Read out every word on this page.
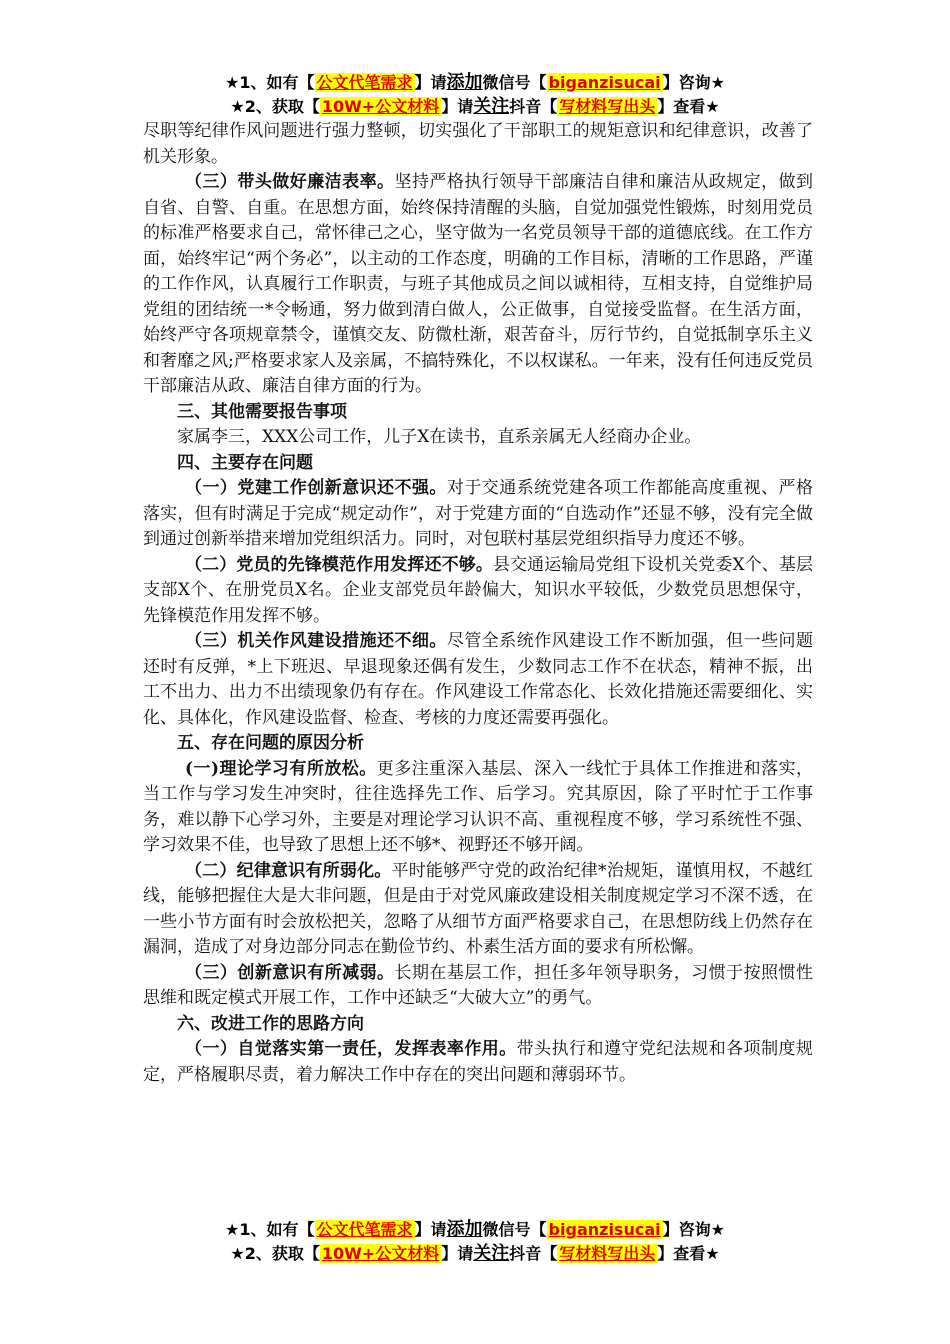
★1、如有【 公文代笔需求 】请添加微信号【 biganzisucai 】咨询★
★2、获取【 10W+公文材料 】请关注抖音【 写材料写出头 】查看★

尽职等纪律作风问题进行强力整顿，切实强化了干部职工的规矩意识和纪律意识，改善了机关形象。

（三）带头做好廉洁表率。坚持严格执行领导干部廉洁自律和廉洁从政规定，做到自省、自警、自重。在思想方面，始终保持清醒的头脑，自觉加强党性锻炼，时刻用党员的标准严格要求自己，常怀律己之心，坚守做为一名党员领导干部的道德底线。在工作方面，始终牢记“两个务必”，以主动的工作态度，明确的工作目标，清晰的工作思路，严谨的工作作风，认真履行工作职责，与班子其他成员之间以诚相待，互相支持，自觉维护局党组的团结统一*令畅通，努力做到清白做人，公正做事，自觉接受监督。在生活方面，始终严守各项规章禁令，谨慎交友、防微杜渐，艰苦奋斗，厉行节约，自觉抵制享乐主义和奢靡之风;严格要求家人及亲属，不搞特殊化，不以权谋私。一年来，没有任何违反党员干部廉洁从政、廉洁自律方面的行为。

三、其他需要报告事项

家属李三，XXX公司工作，儿子X在读书，直系亲属无人经商办企业。

四、主要存在问题

（一）党建工作创新意识还不强。对于交通系统党建各项工作都能高度重视、严格落实，但有时满足于完成“规定动作”，对于党建方面的“自选动作”还显不够，没有完全做到通过创新举措来增加党组织活力。同时，对包联村基层党组织指导力度还不够。

（二）党员的先锋模范作用发挥还不够。县交通运输局党组下设机关党委X个、基层支部X个、在册党员X名。企业支部党员年龄偏大，知识水平较低，少数党员思想保守，先锋模范作用发挥不够。

（三）机关作风建设措施还不细。尽管全系统作风建设工作不断加强，但一些问题还时有反弹，*上下班迟、早退现象还偶有发生，少数同志工作不在状态，精神不振，出工不出力、出力不出绩现象仍有存在。作风建设工作常态化、长效化措施还需要细化、实化、具体化，作风建设监督、检查、考核的力度还需要再强化。

五、存在问题的原因分析

(一)理论学习有所放松。更多注重深入基层、深入一线忙于具体工作推进和落实，当工作与学习发生冲突时，往往选择先工作、后学习。究其原因，除了平时忙于工作事务，难以静下心学习外，主要是对理论学习认识不高、重视程度不够，学习系统性不强、学习效果不佳，也导致了思想上还不够*、视野还不够开阔。

（二）纪律意识有所弱化。平时能够严守党的政治纪律*治规矩，谨慎用权，不越红线，能够把握住大是大非问题，但是由于对党风廉政建设相关制度规定学习不深不透，在一些小节方面有时会放松把关，忽略了从细节方面严格要求自己，在思想防线上仍然存在漏洞，造成了对身边部分同志在勤俭节约、朴素生活方面的要求有所松懈。

（三）创新意识有所减弱。长期在基层工作，担任多年领导职务，习惯于按照惯性思维和既定模式开展工作，工作中还缺乏“大破大立”的勇气。

六、改进工作的思路方向

（一）自觉落实第一责任，发挥表率作用。带头执行和遵守党纪法规和各项制度规定，严格履职尽责，着力解决工作中存在的突出问题和薄弱环节。

★1、如有【 公文代笔需求 】请添加微信号【 biganzisucai 】咨询★
★2、获取【 10W+公文材料 】请关注抖音【 写材料写出头 】查看★
